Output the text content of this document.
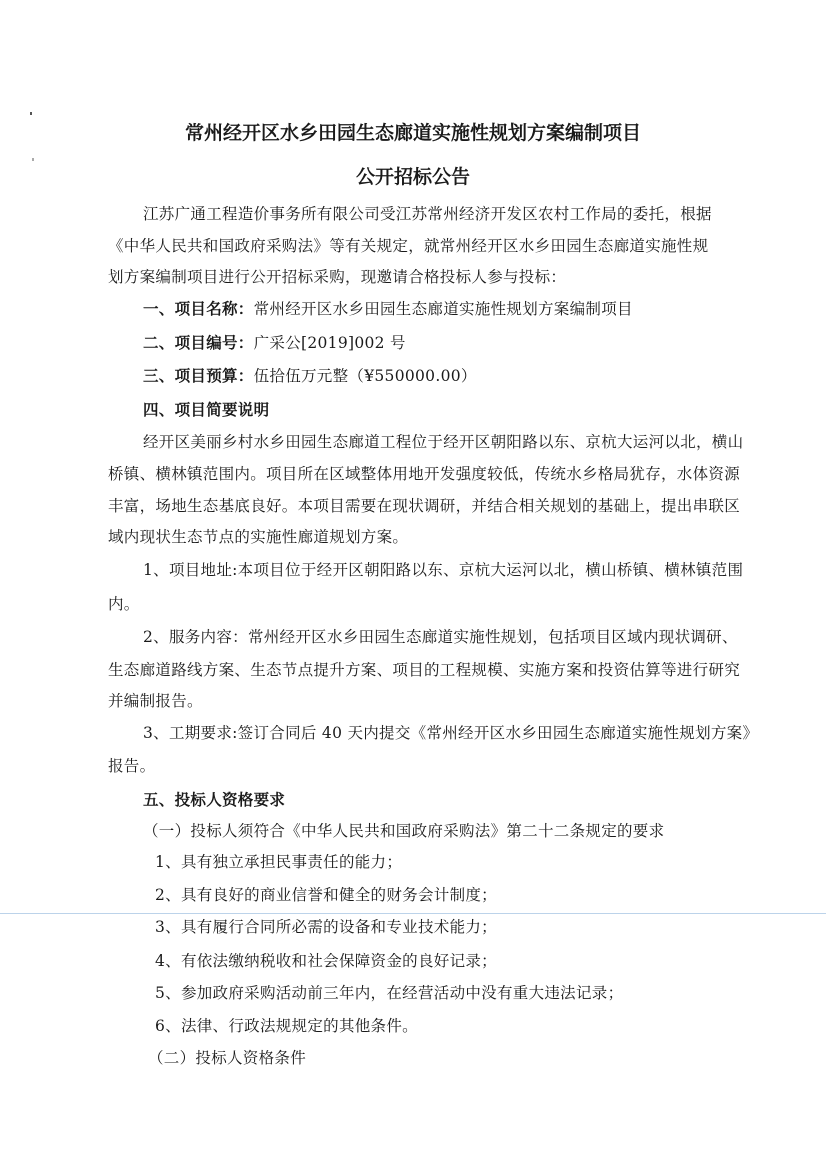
常州经开区水乡田园生态廊道实施性规划方案编制项目
公开招标公告
江苏广通工程造价事务所有限公司受江苏常州经济开发区农村工作局的委托，根据
《中华人民共和国政府采购法》等有关规定，就常州经开区水乡田园生态廊道实施性规
划方案编制项目进行公开招标采购，现邀请合格投标人参与投标：
一、项目名称：常州经开区水乡田园生态廊道实施性规划方案编制项目
二、项目编号：广采公[2019]002 号
三、项目预算：伍拾伍万元整（¥550000.00）
四、项目简要说明
经开区美丽乡村水乡田园生态廊道工程位于经开区朝阳路以东、京杭大运河以北，横山
桥镇、横林镇范围内。项目所在区域整体用地开发强度较低，传统水乡格局犹存，水体资源
丰富，场地生态基底良好。本项目需要在现状调研，并结合相关规划的基础上，提出串联区
域内现状生态节点的实施性廊道规划方案。
1、项目地址:本项目位于经开区朝阳路以东、京杭大运河以北，横山桥镇、横林镇范围
内。
2、服务内容：常州经开区水乡田园生态廊道实施性规划，包括项目区域内现状调研、
生态廊道路线方案、生态节点提升方案、项目的工程规模、实施方案和投资估算等进行研究
并编制报告。
3、工期要求:签订合同后 40 天内提交《常州经开区水乡田园生态廊道实施性规划方案》
报告。
五、投标人资格要求
（一）投标人须符合《中华人民共和国政府采购法》第二十二条规定的要求
1、具有独立承担民事责任的能力；
2、具有良好的商业信誉和健全的财务会计制度；
3、具有履行合同所必需的设备和专业技术能力；
4、有依法缴纳税收和社会保障资金的良好记录；
5、参加政府采购活动前三年内，在经营活动中没有重大违法记录；
6、法律、行政法规规定的其他条件。
（二）投标人资格条件
